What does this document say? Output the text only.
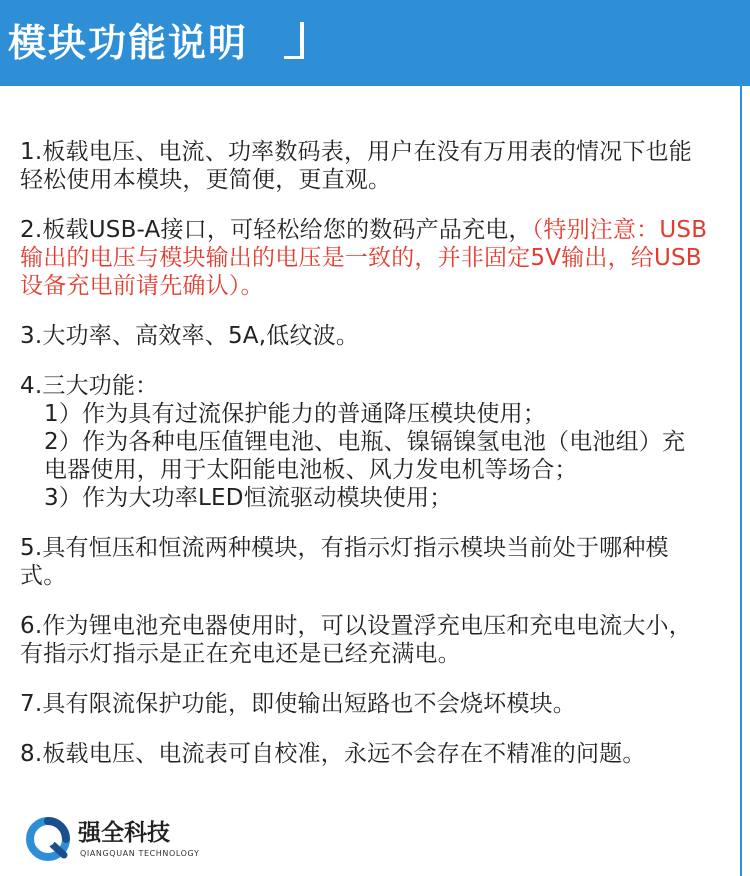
模块功能说明
1.板载电压、电流、功率数码表，用户在没有万用表的情况下也能轻松使用本模块，更简便，更直观。
2.板载USB-A接口，可轻松给您的数码产品充电，（特别注意：USB输出的电压与模块输出的电压是一致的，并非固定5V输出，给USB设备充电前请先确认）。
3.大功率、高效率、5A,低纹波。
4.三大功能：
1）作为具有过流保护能力的普通降压模块使用；
2）作为各种电压值锂电池、电瓶、镍镉镍氢电池（电池组）充电器使用，用于太阳能电池板、风力发电机等场合；
3）作为大功率LED恒流驱动模块使用；
5.具有恒压和恒流两种模块，有指示灯指示模块当前处于哪种模式。
6.作为锂电池充电器使用时，可以设置浮充电压和充电电流大小，有指示灯指示是正在充电还是已经充满电。
7.具有限流保护功能，即使输出短路也不会烧坏模块。
8.板载电压、电流表可自校准，永远不会存在不精准的问题。
强全科技
QIANGQUAN TECHNOLOGY
